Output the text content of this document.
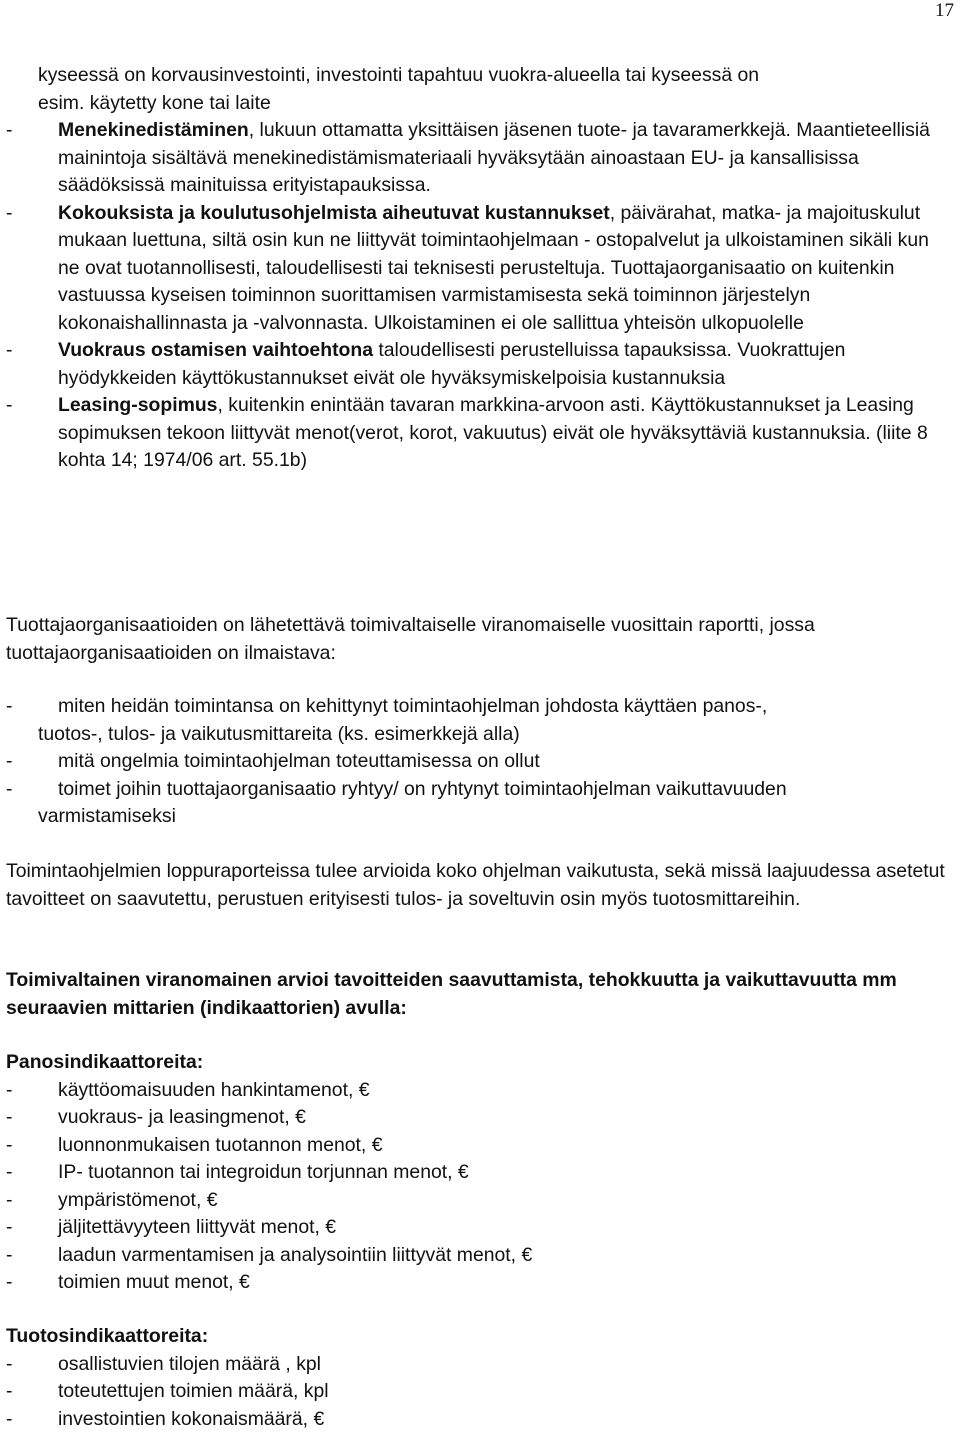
17

kyseessä on korvausinvestointi, investointi tapahtuu vuokra-alueella tai kyseessä on

esim. käytetty kone tai laite

-	Menekinedistäminen, lukuun ottamatta yksittäisen jäsenen tuote- ja tavaramerkkejä. Maantieteellisiä mainintoja sisältävä menekinedistämismateriaali hyväksytään ainoastaan EU- ja kansallisissa säädöksissä mainituissa erityistapauksissa.

-	Kokouksista ja koulutusohjelmista aiheutuvat kustannukset, päivärahat, matka- ja majoituskulut mukaan luettuna, siltä osin kun ne liittyvät toimintaohjelmaan - ostopalvelut ja ulkoistaminen sikäli kun ne ovat tuotannollisesti, taloudellisesti tai teknisesti perusteltuja. Tuottajaorganisaatio on kuitenkin vastuussa kyseisen toiminnon suorittamisen varmistamisesta sekä toiminnon järjestelyn kokonaishallinnasta ja -valvonnasta. Ulkoistaminen ei ole sallittua yhteisön ulkopuolelle

-	Vuokraus ostamisen vaihtoehtona taloudellisesti perustelluissa tapauksissa. Vuokrattujen hyödykkeiden käyttökustannukset eivät ole hyväksymiskelpoisia kustannuksia

-	Leasing-sopimus, kuitenkin enintään tavaran markkina-arvoon asti. Käyttökustannukset ja Leasing sopimuksen tekoon liittyvät menot(verot, korot, vakuutus) eivät ole hyväksyttäviä kustannuksia. (liite 8 kohta 14; 1974/06 art. 55.1b)

Tuottajaorganisaatioiden on lähetettävä toimivaltaiselle viranomaiselle vuosittain raportti, jossa tuottajaorganisaatioiden on ilmaistava:

- miten heidän toimintansa on kehittynyt toimintaohjelman johdosta käyttäen panos-,

tuotos-, tulos- ja vaikutusmittareita (ks. esimerkkejä alla)

- mitä ongelmia toimintaohjelman toteuttamisessa on ollut

- toimet joihin tuottajaorganisaatio ryhtyy/ on ryhtynyt toimintaohjelman vaikuttavuuden

varmistamiseksi

Toimintaohjelmien loppuraporteissa tulee arvioida koko ohjelman vaikutusta, sekä missä laajuudessa asetetut tavoitteet on saavutettu, perustuen erityisesti tulos- ja soveltuvin osin myös tuotosmittareihin.

Toimivaltainen viranomainen arvioi tavoitteiden saavuttamista, tehokkuutta ja vaikuttavuutta mm seuraavien mittarien (indikaattorien) avulla:

Panosindikaattoreita:

- käyttöomaisuuden hankintamenot, €

- vuokraus- ja leasingmenot, €

- luonnonmukaisen tuotannon menot, €

- IP- tuotannon tai integroidun torjunnan menot, €

- ympäristömenot, €

- jäljitettävyyteen liittyvät menot, €

- laadun varmentamisen ja analysointiin liittyvät menot, €

- toimien muut menot, €

Tuotosindikaattoreita:

- osallistuvien tilojen määrä , kpl

- toteutettujen toimien määrä, kpl

- investointien kokonaismäärä, €
